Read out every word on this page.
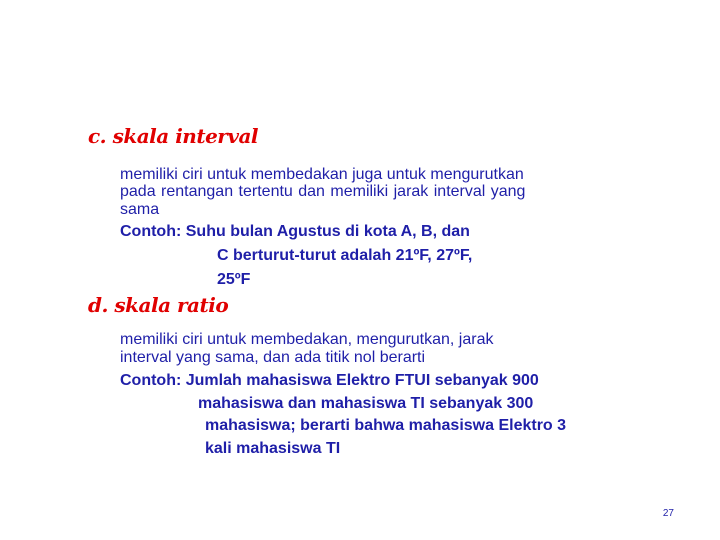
c. skala interval
memiliki ciri untuk membedakan juga untuk mengurutkan
pada rentangan tertentu dan memiliki jarak interval yang
sama
Contoh: Suhu bulan Agustus di kota A, B, dan
C berturut-turut adalah 21ºF, 27ºF,
25ºF
d. skala ratio
memiliki ciri untuk membedakan, mengurutkan, jarak
interval yang sama, dan ada titik nol berarti
Contoh: Jumlah mahasiswa Elektro FTUI sebanyak 900
mahasiswa dan mahasiswa TI sebanyak 300
mahasiswa; berarti bahwa mahasiswa Elektro 3
kali mahasiswa TI
27
